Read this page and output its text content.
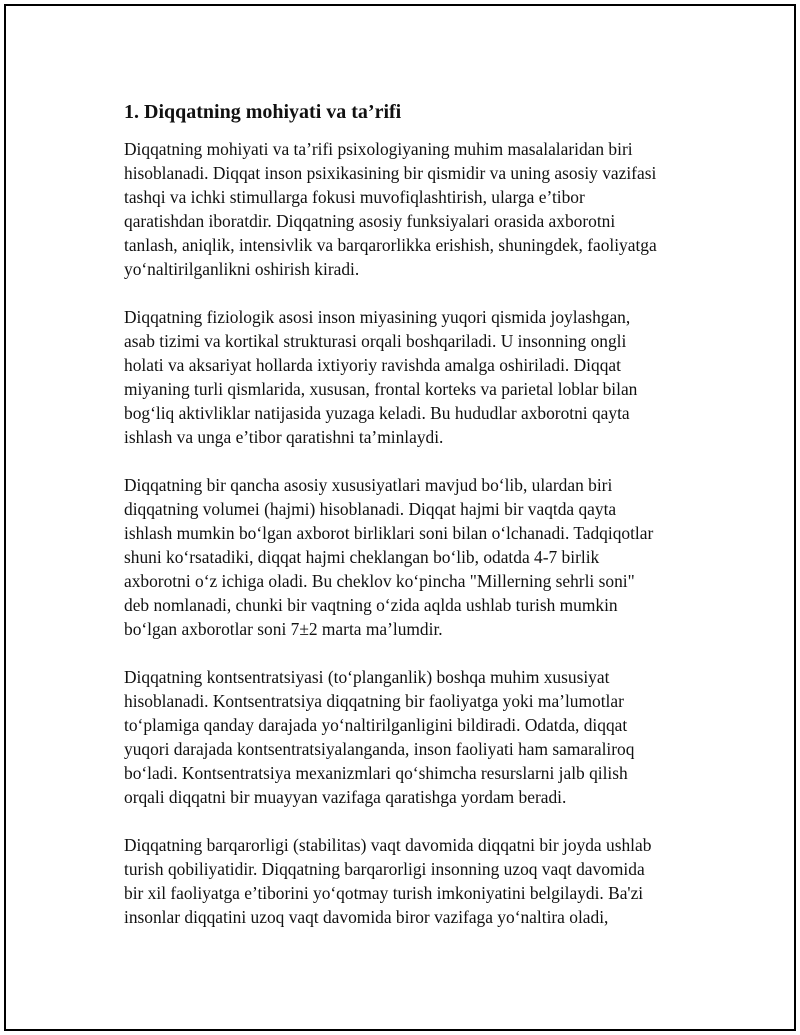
1. Diqqatning mohiyati va ta’rifi

Diqqatning mohiyati va ta’rifi psixologiyaning muhim masalalaridan biri
hisoblanadi. Diqqat inson psixikasining bir qismidir va uning asosiy vazifasi
tashqi va ichki stimullarga fokusi muvofiqlashtirish, ularga e’tibor
qaratishdan iboratdir. Diqqatning asosiy funksiyalari orasida axborotni
tanlash, aniqlik, intensivlik va barqarorlikka erishish, shuningdek, faoliyatga
yo‘naltirilganlikni oshirish kiradi.

Diqqatning fiziologik asosi inson miyasining yuqori qismida joylashgan,
asab tizimi va kortikal strukturasi orqali boshqariladi. U insonning ongli
holati va aksariyat hollarda ixtiyoriy ravishda amalga oshiriladi. Diqqat
miyaning turli qismlarida, xususan, frontal korteks va parietal loblar bilan
bog‘liq aktivliklar natijasida yuzaga keladi. Bu hududlar axborotni qayta
ishlash va unga e’tibor qaratishni ta’minlaydi.

Diqqatning bir qancha asosiy xususiyatlari mavjud bo‘lib, ulardan biri
diqqatning volumei (hajmi) hisoblanadi. Diqqat hajmi bir vaqtda qayta
ishlash mumkin bo‘lgan axborot birliklari soni bilan o‘lchanadi. Tadqiqotlar
shuni ko‘rsatadiki, diqqat hajmi cheklangan bo‘lib, odatda 4-7 birlik
axborotni o‘z ichiga oladi. Bu cheklov ko‘pincha "Millerning sehrli soni"
deb nomlanadi, chunki bir vaqtning o‘zida aqlda ushlab turish mumkin
bo‘lgan axborotlar soni 7±2 marta ma’lumdir.

Diqqatning kontsentratsiyasi (to‘planganlik) boshqa muhim xususiyat
hisoblanadi. Kontsentratsiya diqqatning bir faoliyatga yoki ma’lumotlar
to‘plamiga qanday darajada yo‘naltirilganligini bildiradi. Odatda, diqqat
yuqori darajada kontsentratsiyalanganda, inson faoliyati ham samaraliroq
bo‘ladi. Kontsentratsiya mexanizmlari qo‘shimcha resurslarni jalb qilish
orqali diqqatni bir muayyan vazifaga qaratishga yordam beradi.

Diqqatning barqarorligi (stabilitas) vaqt davomida diqqatni bir joyda ushlab
turish qobiliyatidir. Diqqatning barqarorligi insonning uzoq vaqt davomida
bir xil faoliyatga e’tiborini yo‘qotmay turish imkoniyatini belgilaydi. Ba'zi
insonlar diqqatini uzoq vaqt davomida biror vazifaga yo‘naltira oladi,
